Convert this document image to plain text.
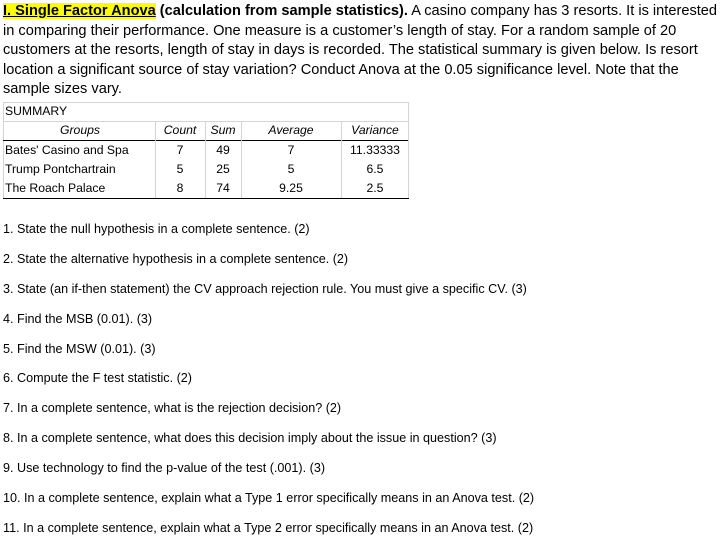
I. Single Factor Anova (calculation from sample statistics). A casino company has 3 resorts. It is interested in comparing their performance. One measure is a customer’s length of stay. For a random sample of 20 customers at the resorts, length of stay in days is recorded. The statistical summary is given below. Is resort location a significant source of stay variation? Conduct Anova at the 0.05 significance level. Note that the sample sizes vary.
SUMMARY
Groups	Count	Sum	Average	Variance
Bates' Casino and Spa	7	49	7	11.33333
Trump Pontchartrain	5	25	5	6.5
The Roach Palace	8	74	9.25	2.5
1. State the null hypothesis in a complete sentence. (2)
2. State the alternative hypothesis in a complete sentence. (2)
3. State (an if-then statement) the CV approach rejection rule. You must give a specific CV. (3)
4. Find the MSB (0.01). (3)
5. Find the MSW (0.01). (3)
6. Compute the F test statistic. (2)
7. In a complete sentence, what is the rejection decision? (2)
8. In a complete sentence, what does this decision imply about the issue in question? (3)
9. Use technology to find the p-value of the test (.001). (3)
10. In a complete sentence, explain what a Type 1 error specifically means in an Anova test. (2)
11. In a complete sentence, explain what a Type 2 error specifically means in an Anova test. (2)
